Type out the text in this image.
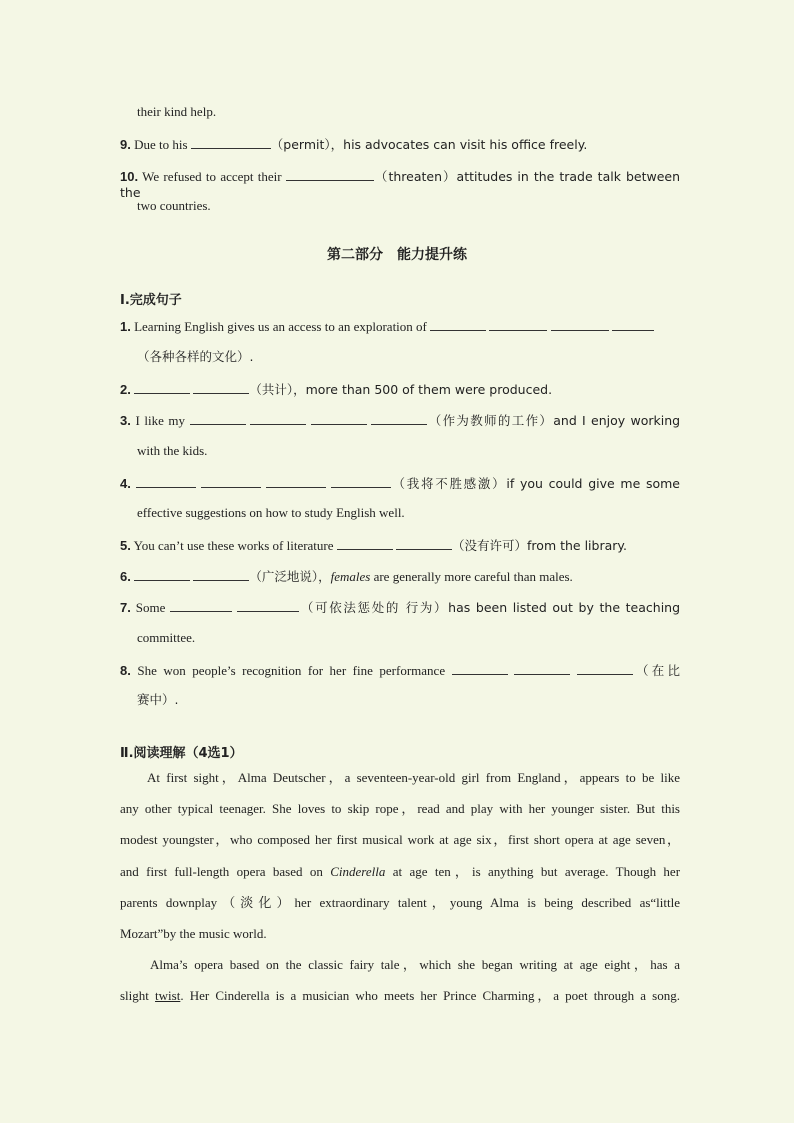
their kind help.
9. Due to his	（permit），his advocates can visit his office freely.
10. We refused to accept their	（threaten）attitudes in the trade talk between the
two countries.
第二部分　能力提升练
Ⅰ.完成句子
1. Learning English gives us an access to an exploration of
（各种各样的文化）.
2.	（共计），more than 500 of them were produced.
3. I like my	（作为教师的工作）and I enjoy working
with the kids.
4.	（我将不胜感激）if you could give me some
effective suggestions on how to study English well.
5. You can’t use these works of literature	（没有许可）from the library.
6.	（广泛地说），females are generally more careful than males.
7. Some	（可依法惩处的 行为）has been listed out by the teaching
committee.
8. She won people’s recognition for her fine performance	（在比
赛中）.
Ⅱ.阅读理解（4选1）
At first sight，Alma Deutscher，a seventeen-year-old girl from England，appears to be like
any other typical teenager. She loves to skip rope，read and play with her younger sister. But this
modest youngster，who composed her first musical work at age six，first short opera at age seven，
and first full-length opera based on Cinderella at age ten，is anything but average. Though her
parents downplay（淡化）her extraordinary talent，young Alma is being described as“little
Mozart”by the music world.
Alma’s opera based on the classic fairy tale，which she began writing at age eight，has a
slight twist. Her Cinderella is a musician who meets her Prince Charming，a poet through a song.
